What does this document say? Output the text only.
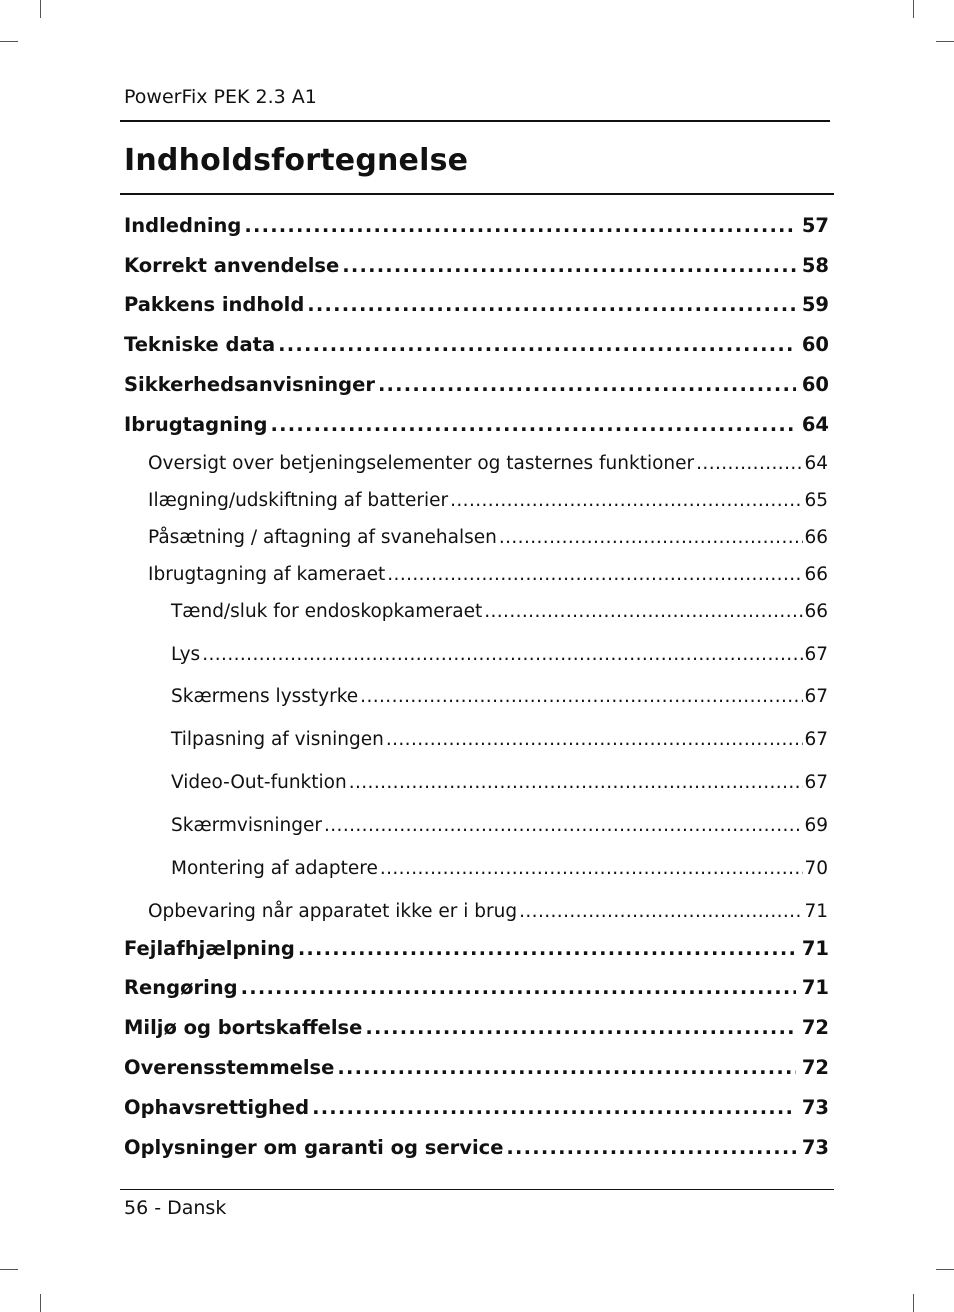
PowerFix PEK 2.3 A1
Indholdsfortegnelse
Indledning .....	57
Korrekt anvendelse .....	58
Pakkens indhold .....	59
Tekniske data .....	60
Sikkerhedsanvisninger .....	60
Ibrugtagning .....	64
Oversigt over betjeningselementer og tasternes funktioner .....	64
Ilægning/udskiftning af batterier .....	65
Påsætning / aftagning af svanehalsen .....	66
Ibrugtagning af kameraet .....	66
Tænd/sluk for endoskopkameraet .....	66
Lys .....	67
Skærmens lysstyrke .....	67
Tilpasning af visningen .....	67
Video-Out-funktion .....	67
Skærmvisninger .....	69
Montering af adaptere .....	70
Opbevaring når apparatet ikke er i brug .....	71
Fejlafhjælpning .....	71
Rengøring .....	71
Miljø og bortskaffelse .....	72
Overensstemmelse .....	72
Ophavsrettighed .....	73
Oplysninger om garanti og service .....	73
56 - Dansk
